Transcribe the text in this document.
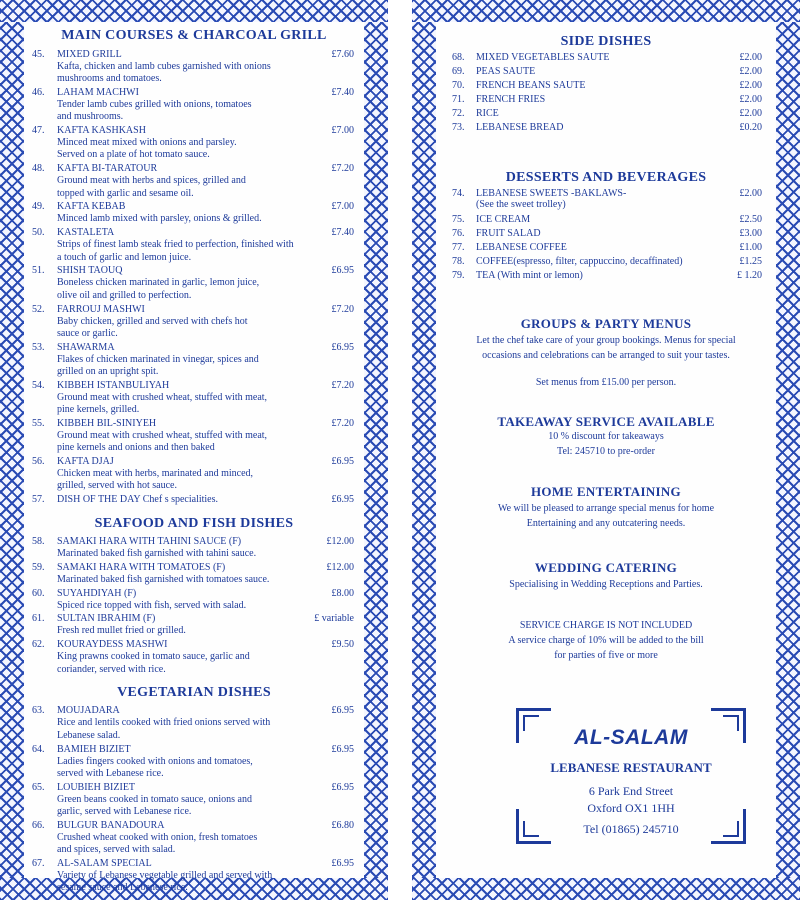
MAIN COURSES & CHARCOAL GRILL
45. MIXED GRILL	£7.60
Kafta, chicken and lamb cubes garnished with onions
mushrooms and tomatoes.
46. LAHAM MACHWI	£7.40
Tender lamb cubes grilled with onions, tomatoes
and mushrooms.
47. KAFTA KASHKASH	£7.00
Minced meat mixed with onions and parsley.
Served on a plate of hot tomato sauce.
48. KAFTA BI-TARATOUR	£7.20
Ground meat with herbs and spices, grilled and
topped with garlic and sesame oil.
49. KAFTA KEBAB	£7.00
Minced lamb mixed with parsley, onions & grilled.
50. KASTALETA	£7.40
Strips of finest lamb steak fried to perfection, finished with
a touch of garlic and lemon juice.
51. SHISH TAOUQ	£6.95
Boneless chicken marinated in garlic, lemon juice,
olive oil and grilled to perfection.
52. FARROUJ MASHWI	£7.20
Baby chicken, grilled and served with chefs hot
sauce or garlic.
53. SHAWARMA	£6.95
Flakes of chicken marinated in vinegar, spices and
grilled on an upright spit.
54. KIBBEH ISTANBULIYAH	£7.20
Ground meat with crushed wheat, stuffed with meat,
pine kernels, grilled.
55. KIBBEH BIL-SINIYEH	£7.20
Ground meat with crushed wheat, stuffed with meat,
pine kernels and onions and then baked
56. KAFTA DJAJ	£6.95
Chicken meat with herbs, marinated and minced,
grilled, served with hot sauce.
57. DISH OF THE DAY Chef s specialities.	£6.95
SEAFOOD AND FISH DISHES
58. SAMAKI HARA WITH TAHINI SAUCE (F)	£12.00
Marinated baked fish garnished with tahini sauce.
59. SAMAKI HARA WITH TOMATOES (F)	£12.00
Marinated baked fish garnished with tomatoes sauce.
60. SUYAHDIYAH (F)	£8.00
Spiced rice topped with fish, served with salad.
61. SULTAN IBRAHIM (F)	£ variable
Fresh red mullet fried or grilled.
62. KOURAYDESS MASHWI	£9.50
King prawns cooked in tomato sauce, garlic and
coriander, served with rice.
VEGETARIAN DISHES
63. MOUJADARA	£6.95
Rice and lentils cooked with fried onions served with
Lebanese salad.
64. BAMIEH BIZIET	£6.95
Ladies fingers cooked with onions and tomatoes,
served with Lebanese rice.
65. LOUBIEH BIZIET	£6.95
Green beans cooked in tomato sauce, onions and
garlic, served with Lebanese rice.
66. BULGUR BANADOURA	£6.80
Crushed wheat cooked with onion, fresh tomatoes
and spices, served with salad.
67. AL-SALAM SPECIAL	£6.95
Variety of Lebanese vegetable grilled and served with
sesame sauce and Lebanese rice.
SIDE DISHES
68. MIXED VEGETABLES SAUTE	£2.00
69. PEAS SAUTE	£2.00
70. FRENCH BEANS SAUTE	£2.00
71. FRENCH FRIES	£2.00
72. RICE	£2.00
73. LEBANESE BREAD	£0.20
DESSERTS AND BEVERAGES
74. LEBANESE SWEETS -BAKLAWS-	£2.00
(See the sweet trolley)
75. ICE CREAM	£2.50
76. FRUIT SALAD	£3.00
77. LEBANESE COFFEE	£1.00
78. COFFEE(espresso, filter, cappuccino, decaffinated)	£1.25
79. TEA (With mint or lemon)	£ 1.20
GROUPS & PARTY MENUS
Let the chef take care of your group bookings. Menus for special
occasions and celebrations can be arranged to suit your tastes.
Set menus from £15.00 per person.
TAKEAWAY SERVICE AVAILABLE
10 % discount for takeaways
Tel: 245710 to pre-order
HOME ENTERTAINING
We will be pleased to arrange special menus for home
Entertaining and any outcatering needs.
WEDDING CATERING
Specialising in Wedding Receptions and Parties.
SERVICE CHARGE IS NOT INCLUDED
A service charge of 10% will be added to the bill
for parties of five or more
AL-SALAM
LEBANESE RESTAURANT
6 Park End Street
Oxford OX1 1HH
Tel (01865) 245710
